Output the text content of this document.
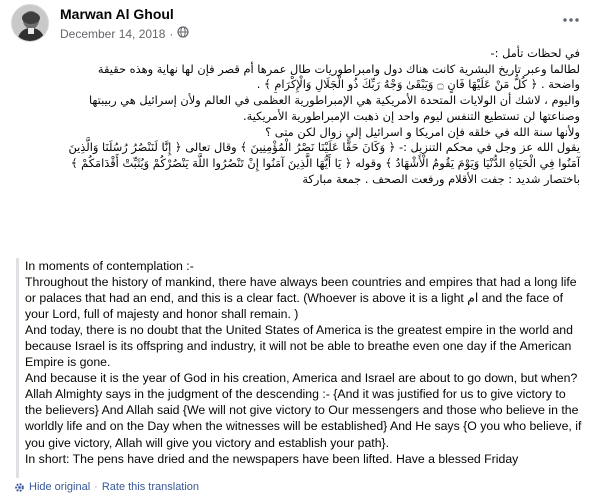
Marwan Al Ghoul
December 14, 2018 ·

في لحظات تأمل :-

لطالما وعبر تاريخ البشرية كانت هناك دول وامبراطوريات طال عمرها أم قصر فإن لها نهاية وهذه حقيقة

واضحة . ﴿ كُلُّ مَنْ عَلَيْهَا فَانٍ ۝ وَيَبْقَىٰ وَجْهُ رَبِّكَ ذُو الْجَلَالِ وَالْإِكْرَامِ ﴾ .

واليوم ، لاشك أن الولايات المتحدة الأمريكية هي الإمبراطورية العظمى في العالم ولأن إسرائيل هي ربيبتها

وصناعتها لن تستطيع التنفس ليوم واحد إن ذهبت الإمبراطورية الأمريكية.

ولأنها سنة الله في خلقه فإن امريكا و اسرائيل إلى زوال لكن متى ؟

يقول الله عز وجل في محكم التنزيل :- ﴿ وَكَانَ حَقًّا عَلَيْنَا نَصْرُ الْمُؤْمِنِينَ ﴾ وقال تعالى ﴿ إِنَّا لَنَنْصُرُ رُسُلَنَا وَالَّذِينَ

آمَنُوا فِي الْحَيَاةِ الدُّنْيَا وَيَوْمَ يَقُومُ الْأَشْهَادُ ﴾ وقوله ﴿ يَا أَيُّهَا الَّذِينَ آمَنُوا إِنْ تَنْصُرُوا اللَّهَ يَنْصُرْكُمْ وَيُثَبِّتْ أَقْدَامَكُمْ ﴾

باختصار شديد : جفت الأقلام ورفعت الصحف . جمعة مباركة

In moments of contemplation :-

Throughout the history of mankind, there have always been countries and empires that had a long life or palaces that had an end, and this is a clear fact. (Whoever is above it is a light ام and the face of your Lord, full of majesty and honor shall remain. )

And today, there is no doubt that the United States of America is the greatest empire in the world and because Israel is its offspring and industry, it will not be able to breathe even one day if the American Empire is gone.

And because it is the year of God in his creation, America and Israel are about to go down, but when?

Allah Almighty says in the judgment of the descending :- {And it was justified for us to give victory to the believers} And Allah said {We will not give victory to Our messengers and those who believe in the worldly life and on the Day when the witnesses will be established} And He says {O you who believe, if you give victory, Allah will give you victory and establish your path}.

In short: The pens have dried and the newspapers have been lifted. Have a blessed Friday

Hide original · Rate this translation
